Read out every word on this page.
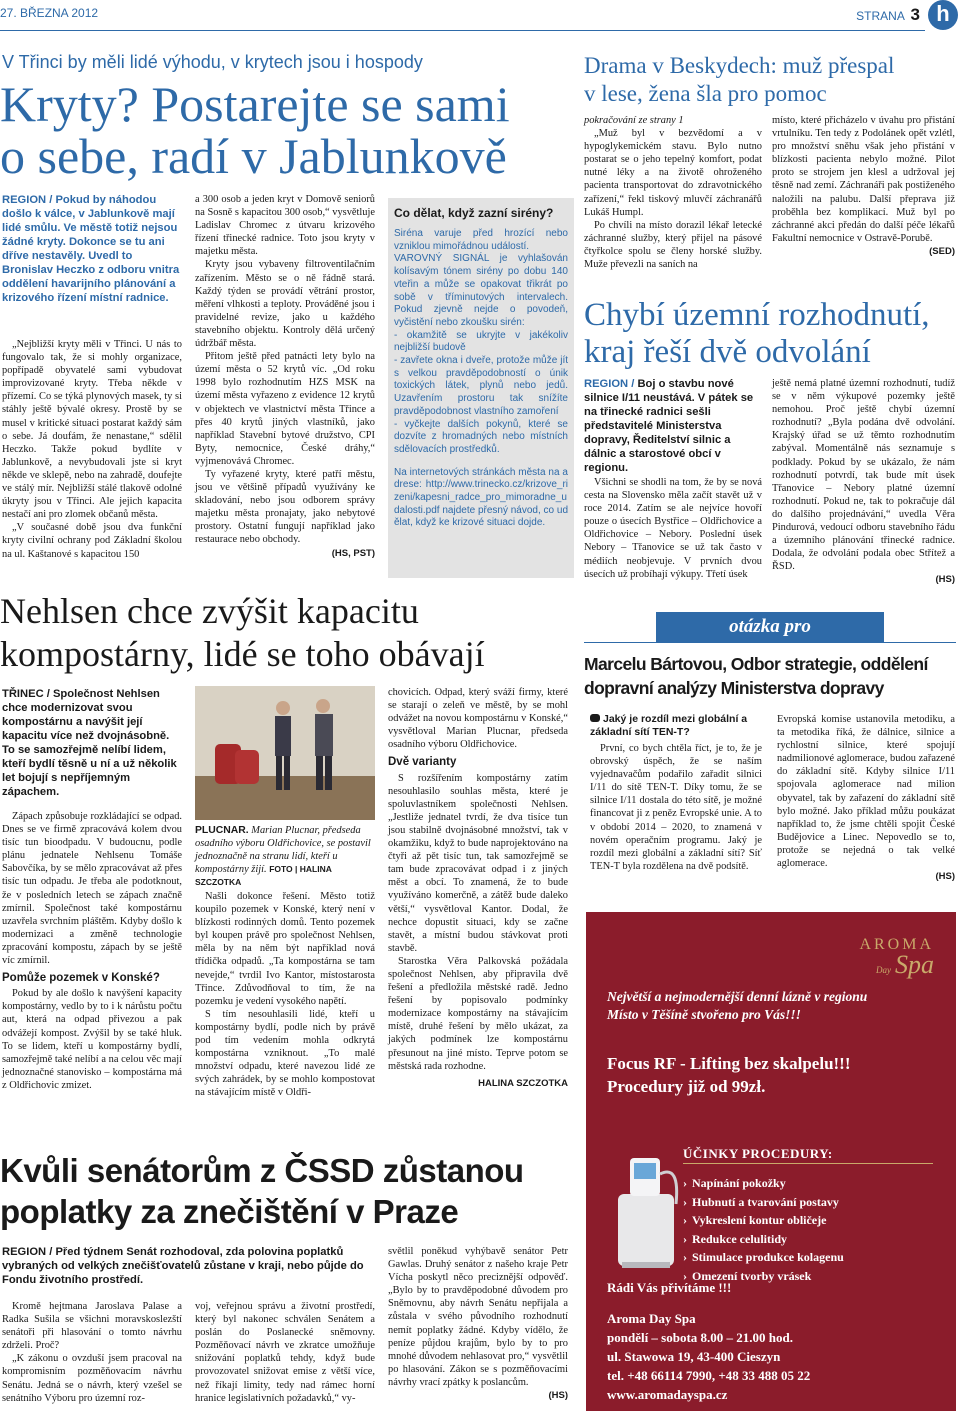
27. BŘEZNA 2012	STRANA 3 h
V Třinci by měli lidé výhodu, v krytech jsou i hospody
Kryty? Postarejte se sami
o sebe, radí v Jablunkově
REGION / Pokud by náhodou došlo k válce, v Jablunkově mají lidé smůlu. Ve městě totiž nejsou žádné kryty. Dokonce se tu ani dříve nestavěly. Uvedl to Bronislav Heczko z odboru vnitra oddělení havarijního plánování a krizového řízení místní radnice.

„Nejbližší kryty měli v Třinci. U nás to fungovalo tak, že si mohly organizace, popřípadě obyvatelé sami vybudovat improvizované kryty. Třeba někde v přízemí. Co se týká plynových masek, ty si stáhly ještě bývalé okresy. Prostě by se musel v kritické situaci postarat každý sám o sebe. Já doufám, že nenastane,“ sdělil Heczko. Takže pokud bydlíte v Jablunkově, a nevybudovali jste si kryt někde ve sklepě, nebo na zahradě, doufejte ve stálý mír. Nejbližší stálé tlakově odolné úkryty jsou v Třinci. Ale jejich kapacita nestačí ani pro zlomek občanů města.

„V současné době jsou dva funkční kryty civilní ochrany pod Základní školou na ul. Kaštanové s kapacitou 150

a 300 osob a jeden kryt v Domově seniorů na Sosně s kapacitou 300 osob,“ vysvětluje Ladislav Chromec z útvaru krizového řízení třinecké radnice. Toto jsou kryty v majetku města.

Kryty jsou vybaveny filtroventilačním zařízením. Město se o ně řádně stará. Každý týden se provádí větrání prostor, měření vlhkosti a teploty. Prováděné jsou i pravidelné revize, jako u každého stavebního objektu. Kontroly dělá určený údržbář města.

Přitom ještě před patnácti lety bylo na území města o 52 krytů víc. „Od roku 1998 bylo rozhodnutím HZS MSK na území města vyřazeno z evidence 12 krytů v objektech ve vlastnictví města Třince a přes 40 krytů jiných vlastníků, jako například Stavební bytové družstvo, CPI Byty, nemocnice, České dráhy,“ vyjmenovává Chromec.

Ty vyřazené kryty, které patří městu, jsou ve většině případů využívány ke skladování, nebo jsou odborem správy majetku města pronajaty, jako nebytové prostory. Ostatní fungují například jako restaurace nebo obchody.

(HS, PST)
Co dělat, když zazní sirény?

Siréna varuje před hrozící nebo vzniklou mimořádnou událostí.

VAROVNÝ SIGNÁL je vyhlašován kolísavým tónem sirény po dobu 140 vteřin a může se opakovat třikrát po sobě v tříminutových intervalech. Pokud zjevně nejde o povodeň, vyčistění nebo zkoušku sirén:

- okamžitě se ukryjte v jakékoliv nejbližší budově

- zavřete okna i dveře, protože může jít s velkou pravděpodobností o únik toxických látek, plynů nebo jedů. Uzavřením prostoru tak snížíte pravděpodobnost vlastního zamoření

- vyčkejte dalších pokynů, které se dozvíte z hromadných nebo místních sdělovacích prostředků.

Na internetových stránkách města na adrese: http://www.trinecko.cz/krizove_rizeni/kapesni_radce_pro_mimoradne_udalosti.pdf najdete přesný návod, co udělat, když ke krizové situaci dojde.

Drama v Beskydech: muž přespal
v lese, žena šla pro pomoc
pokračování ze strany 1

„Muž byl v bezvědomí a v hypoglykemickém stavu. Bylo nutno postarat se o jeho tepelný komfort, podat nutné léky a na životě ohroženého pacienta transportovat do zdravotnického zařízení,“ řekl tiskový mluvčí záchranářů Lukáš Humpl.

Po chvíli na místo dorazil lékař letecké záchranné služby, který přijel na pásové čtyřkolce spolu se členy horské služby. Muže převezli na saních na

místo, které přicházelo v úvahu pro přistání vrtulníku. Ten tedy z Podolánek opět vzlétl, pro množství sněhu však jeho přistání v blízkosti pacienta nebylo možné. Pilot proto se strojem jen klesl a udržoval jej těsně nad zemí. Záchranáři pak postiženého naložili na palubu. Další přeprava již proběhla bez komplikací. Muž byl po záchranné akci předán do další péče lékařů Fakultní nemocnice v Ostravě-Porubě.

(SED)
Chybí územní rozhodnutí,
kraj řeší dvě odvolání
REGION / Boj o stavbu nové silnice I/11 neustává. V pátek se na třinecké radnici sešli představitelé Ministerstva dopravy, Ředitelství silnic a dálnic a starostové obcí v regionu.

Všichni se shodli na tom, že by se nová cesta na Slovensko měla začít stavět už v roce 2014. Zatím se ale nejvíce hovoří pouze o úsecích Bystřice – Oldřichovice a Oldřichovice – Nebory. Poslední úsek Nebory – Třanovice se už tak často v médiích neobjevuje. V prvních dvou úsecích už probíhají výkupy. Třetí úsek

ještě nemá platné územní rozhodnutí, tudíž se v něm výkupové pozemky ještě nemohou. Proč ještě chybí územní rozhodnutí? „Byla podána dvě odvolání. Krajský úřad se už těmto rozhodnutím zabýval. Momentálně nás seznamuje s podklady. Pokud by se ukázalo, že nám rozhodnutí potvrdí, tak bude mít úsek Třanovice – Nebory platné územní rozhodnutí. Pokud ne, tak to pokračuje dál do dalšího projednávání,“ uvedla Věra Pindurová, vedoucí odboru stavebního řádu a územního plánování třinecké radnice. Dodala, že odvolání podala obec Střítež a ŘSD.

(HS)
otázka pro
Marcelu Bártovou, Odbor strategie, oddělení
dopravní analýzy Ministerstva dopravy
Jaký je rozdíl mezi globální a základní sítí TEN-T?

První, co bych chtěla říct, je to, že je obrovský úspěch, že se naším vyjednavačům podařilo zařadit silnici I/11 do sítě TEN-T. Díky tomu, že se silnice I/11 dostala do této sítě, je možné financovat ji z peněz Evropské unie. A to v období 2014 – 2020, to znamená v novém operačním programu. Jaký je rozdíl mezi globální a základní sítí? Síť TEN-T byla rozdělena na dvě podsítě.

Evropská komise ustanovila metodiku, a ta metodika říká, že dálnice, silnice a rychlostní silnice, které spojují nadmilionové aglomerace, budou zařazené do základní sítě. Kdyby silnice I/11 spojovala aglomerace nad milion obyvatel, tak by zařazení do základní sítě bylo možné. Jako příklad můžu poukázat například to, že jsme chtěli spojit České Budějovice a Linec. Nepovedlo se to, protože se nejedná o tak velké aglomerace.

(HS)
Nehlsen chce zvýšit kapacitu
kompostárny, lidé se toho obávají
TŘINEC / Společnost Nehlsen chce modernizovat svou kompostárnu a navýšit její kapacitu více než dvojnásobně. To se samozřejmě nelíbí lidem, kteří bydlí těsně u ní a už několik let bojují s nepříjemným zápachem.

Zápach způsobuje rozkládající se odpad. Dnes se ve firmě zpracovává kolem dvou tisíc tun bioodpadu. V budoucnu, podle plánu jednatele Nehlsenu Tomáše Sabovčíka, by se mělo zpracovávat až přes tisíc tun odpadu. Je třeba ale podotknout, že v posledních letech se zápach značně zmírnil. Společnost také kompostárnu uzavřela svrchním pláštěm. Kdyby došlo k modernizaci a změně technologie zpracování kompostu, zápach by se ještě víc zmírnil.

Pomůže pozemek v Konské?

Pokud by ale došlo k navýšení kapacity kompostárny, vedlo by to i k nárůstu počtu aut, která na odpad přivezou a pak odvážejí kompost. Zvýšil by se také hluk. To se lidem, kteří u kompostárny bydlí, samozřejmě také nelíbí a na celou věc mají jednoznačné stanovisko – kompostárna má z Oldřichovic zmizet.

PLUCNAR. Marian Plucnar, předseda osadního výboru Oldřichovice, se postavil jednoznačně na stranu lidí, kteří u kompostárny žijí. FOTO | HALINA SZCZOTKA

Našli dokonce řešení. Město totiž koupilo pozemek v Konské, který není v blízkosti rodinných domů. Tento pozemek byl koupen právě pro společnost Nehlsen, měla by na něm být například nová třídička odpadů. „Ta kompostárna se tam nevejde,“ tvrdil Ivo Kantor, místostarosta Třince. Zdůvodňoval to tím, že na pozemku je vedení vysokého napětí.

S tím nesouhlasili lidé, kteří u kompostárny bydlí, podle nich by právě pod tím vedením mohla odkrytá kompostárna vzniknout. „To malé množství odpadu, které navezou lidé ze svých zahrádek, by se mohlo kompostovat na stávajícím místě v Oldři-

chovicích. Odpad, který sváží firmy, které se starají o zeleň ve městě, by se mohl odvážet na novou kompostárnu v Konské,“ vysvětloval Marian Plucnar, předseda osadního výboru Oldřichovice.

Dvě varianty

S rozšířením kompostárny zatím nesouhlasilo souhlas města, které je spoluvlastníkem společnosti Nehlsen. „Jestliže jednatel tvrdí, že dva tisíce tun jsou stabilně dvojnásobné množství, tak v okamžiku, když to bude naprojektováno na čtyři až pět tisíc tun, tak samozřejmě se tam bude zpracovávat odpad i z jiných měst a obcí. To znamená, že to bude využíváno komerčně, a zátěž bude daleko větší,“ vysvětloval Kantor. Dodal, že nechce dopustit situaci, kdy se začne stavět, a místní budou stávkovat proti stavbě.

Starostka Věra Palkovská požádala společnost Nehlsen, aby připravila dvě řešení a předložila městské radě. Jedno řešení by popisovalo podmínky modernizace kompostárny na stávajícím místě, druhé řešení by mělo ukázat, za jakých podmínek lze kompostárnu přesunout na jiné místo. Teprve potom se městská rada rozhodne.

HALINA SZCZOTKA
Kvůli senátorům z ČSSD zůstanou
poplatky za znečištění v Praze
REGION / Před týdnem Senát rozhodoval, zda polovina poplatků vybraných od velkých znečišťovatelů zůstane v kraji, nebo půjde do Fondu životního prostředí.

Kromě hejtmana Jaroslava Palase a Radka Sušila se všichni moravskoslezští senátoři při hlasování o tomto návrhu zdrželi. Proč?

„K zákonu o ovzduší jsem pracoval na kompromisním pozměňovacím návrhu Senátu. Jedná se o návrh, který vzešel se senátního Výboru pro územní roz-

voj, veřejnou správu a životní prostředí, který byl nakonec schválen Senátem a poslán do Poslanecké sněmovny. Pozměňovací návrh ve zkratce umožňuje snižování poplatků tehdy, když bude provozovatel snižovat emise z větší více, než říkají limity, tedy nad rámec horní hranice legislativních požadavků,“ vy-

světlil poněkud vyhýbavě senátor Petr Gawlas. Druhý senátor z našeho kraje Petr Vícha poskytl něco preciznější odpověď. „Bylo by to pravděpodobné důvodem pro Sněmovnu, aby návrh Senátu nepřijala a zůstala v svého původního rozhodnutí nemít poplatky žádné. Kdyby vídělo, že peníze půjdou krajům, bylo by to pro mnohé důvodem nehlasovat pro,“ vysvětlil po hlasování. Zákon se s pozměňovacími návrhy vrací zpátky k poslancům.

(HS)
AROMA
Day Spa
Největší a nejmodernější denní lázně v regionu
Místo v Těšíně stvořeno pro Vás!!!
Focus RF - Lifting bez skalpelu!!!
Procedury již od 99zł.
ÚČINKY PROCEDURY:
› Napínání pokožky
› Hubnutí a tvarování postavy
› Vykreslení kontur obličeje
› Redukce celulitidy
› Stimulace produkce kolagenu
› Omezení tvorby vrásek
Rádi Vás přivítáme !!!
Aroma Day Spa
pondělí – sobota 8.00 – 21.00 hod.
ul. Stawowa 19, 43-400 Cieszyn
tel. +48 66114 7990, +48 33 488 05 22
www.aromadayspa.cz
